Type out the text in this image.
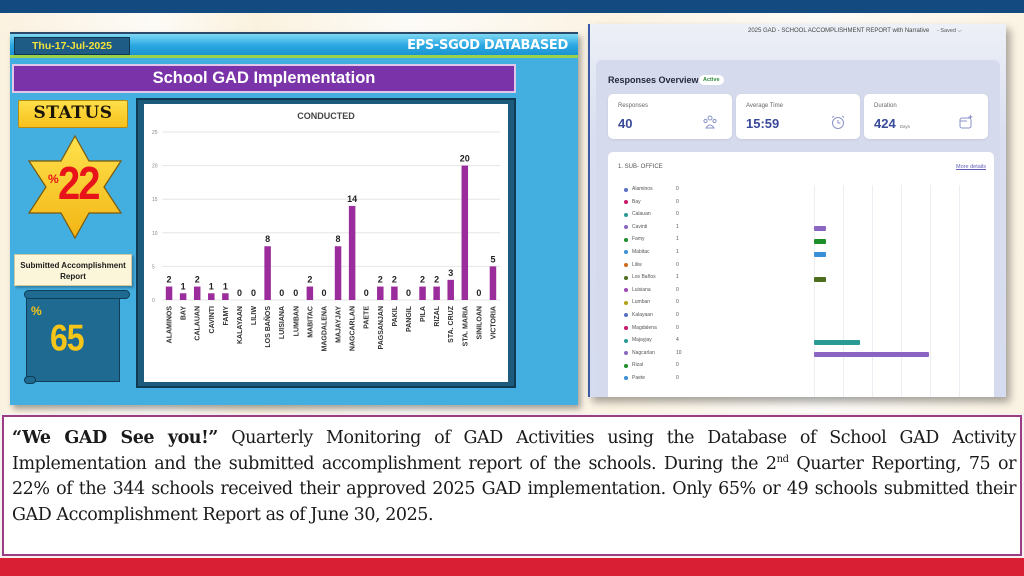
Thu-17-Jul-2025	EPS-SGOD DATABASED
School GAD Implementation
STATUS
% 22
Submitted Accomplishment
Report
%
65
CONDUCTED
0
5
10
15
20
25
2
ALAMINOS
1
BAY
2
CALAUAN
1
CAVINTI
1
FAMY
0
KALAYAAN
0
LILIW
8
LOS BAÑOS
0
LUISIANA
0
LUMBAN
2
MABITAC
0
MAGDALENA
8
MAJAYJAY
14
NAGCARLAN
0
PAETE
2
PAGSANJAN
2
PAKIL
0
PANGIL
2
PILA
2
RIZAL
3
STA. CRUZ
20
STA. MARIA
0
SINILOAN
5
VICTORIA
2025 GAD - SCHOOL ACCOMPLISHMENT REPORT with Narrative - Saved ⌵
Responses Overview Active
Responses
40
Average Time
15:59
Duration
424 Days
1. SUB- OFFICE	More details
Alaminos	0
Bay	0
Calauan	0
Cavinti	1
Famy	1
Mabitac	1
Liliw	0
Los Baños	1
Luisiana	0
Lumban	0
Kalayaan	0
Magdalena	0
Majayjay	4
Nagcarlan	10
Rizal	0
Paete	0

“We GAD See you!” Quarterly Monitoring of GAD Activities using the Database of School GAD Activity Implementation and the submitted accomplishment report of the schools. During the 2nd Quarter Reporting, 75 or 22% of the 344 schools received their approved 2025 GAD implementation. Only 65% or 49 schools submitted their GAD Accomplishment Report as of June 30, 2025.
